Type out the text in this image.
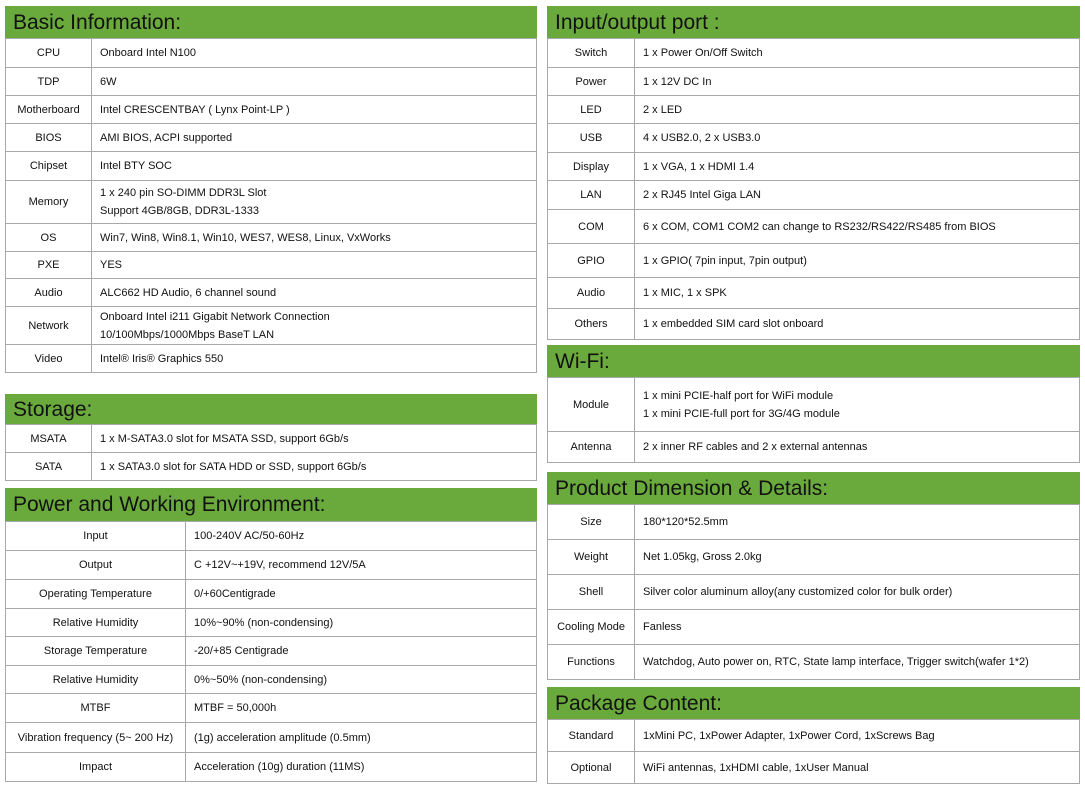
Basic Information:
CPU	Onboard Intel N100

TDP	6W

Motherboard	Intel CRESCENTBAY ( Lynx Point-LP )

BIOS	AMI BIOS, ACPI supported

Chipset	Intel BTY SOC

Memory	1 x 240 pin SO-DIMM DDR3L Slot
Support 4GB/8GB, DDR3L-1333

OS	Win7, Win8, Win8.1, Win10, WES7, WES8, Linux, VxWorks

PXE	YES

Audio	ALC662 HD Audio, 6 channel sound

Network	Onboard Intel i211 Gigabit Network Connection
10/100Mbps/1000Mbps BaseT LAN

Video	Intel® Iris® Graphics 550
Storage:
MSATA	1 x M-SATA3.0 slot for MSATA SSD, support 6Gb/s

SATA	1 x SATA3.0 slot for SATA HDD or SSD, support 6Gb/s
Power and Working Environment:
Input	100-240V AC/50-60Hz

Output	C +12V~+19V, recommend 12V/5A

Operating Temperature	0/+60Centigrade

Relative Humidity	10%~90% (non-condensing)

Storage Temperature	-20/+85 Centigrade

Relative Humidity	0%~50% (non-condensing)

MTBF	MTBF = 50,000h

Vibration frequency (5~ 200 Hz)	(1g) acceleration amplitude (0.5mm)

Impact	Acceleration (10g) duration (11MS)
Input/output port :
Switch	1 x Power On/Off Switch

Power	1 x 12V DC In

LED	2 x LED

USB	4 x USB2.0, 2 x USB3.0

Display	1 x VGA, 1 x HDMI 1.4

LAN	2 x RJ45 Intel Giga LAN

COM	6 x COM, COM1 COM2 can change to RS232/RS422/RS485 from BIOS

GPIO	1 x GPIO( 7pin input, 7pin output)

Audio	1 x MIC, 1 x SPK

Others	1 x embedded SIM card slot onboard
Wi-Fi:
Module	1 x mini PCIE-half port for WiFi module
1 x mini PCIE-full port for 3G/4G module

Antenna	2 x inner RF cables and 2 x external antennas
Product Dimension & Details:
Size	180*120*52.5mm

Weight	Net 1.05kg, Gross 2.0kg

Shell	Silver color aluminum alloy(any customized color for bulk order)

Cooling Mode	Fanless

Functions	Watchdog, Auto power on, RTC, State lamp interface, Trigger switch(wafer 1*2)
Package Content:
Standard	1xMini PC, 1xPower Adapter, 1xPower Cord, 1xScrews Bag

Optional	WiFi antennas, 1xHDMI cable, 1xUser Manual
